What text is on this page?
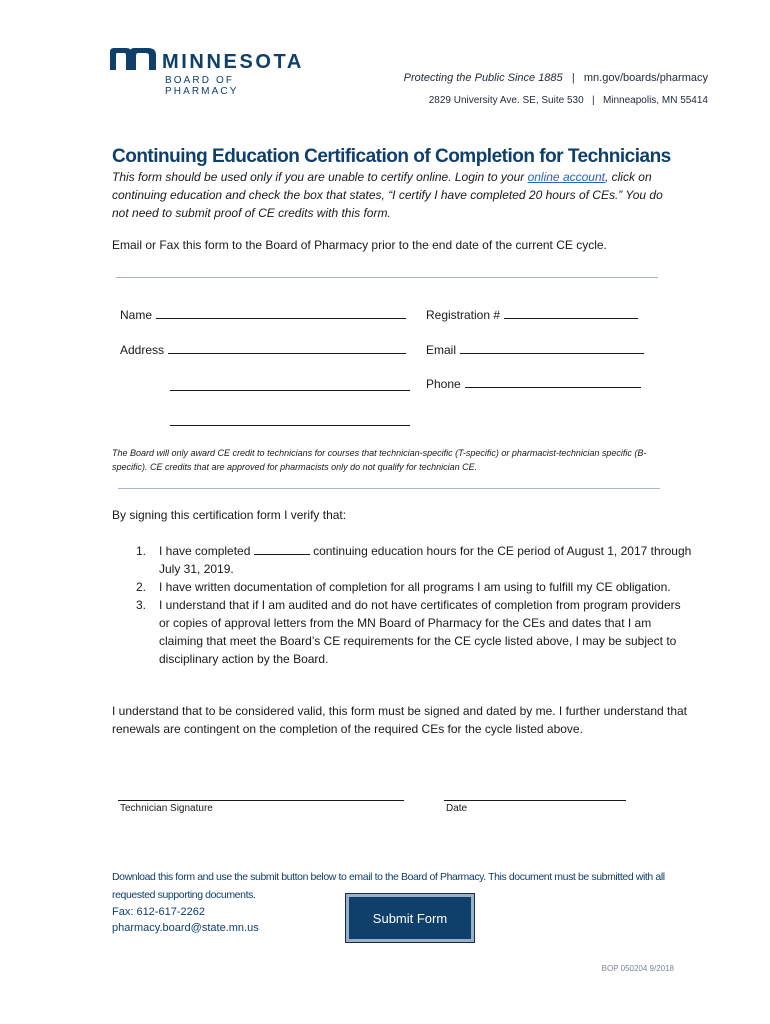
MINNESOTA
BOARD OF PHARMACY
Protecting the Public Since 1885 | mn.gov/boards/pharmacy
2829 University Ave. SE, Suite 530 | Minneapolis, MN 55414
Continuing Education Certification of Completion for Technicians
This form should be used only if you are unable to certify online. Login to your online account, click on continuing education and check the box that states, “I certify I have completed 20 hours of CEs.” You do not need to submit proof of CE credits with this form.
Email or Fax this form to the Board of Pharmacy prior to the end date of the current CE cycle.
Name	Registration #
Address	Email
Phone
The Board will only award CE credit to technicians for courses that technician-specific (T-specific) or pharmacist-technician specific (B-specific). CE credits that are approved for pharmacists only do not qualify for technician CE.
By signing this certification form I verify that:
1. I have completed	continuing education hours for the CE period of August 1, 2017 through July 31, 2019.
2. I have written documentation of completion for all programs I am using to fulfill my CE obligation.
3. I understand that if I am audited and do not have certificates of completion from program providers or copies of approval letters from the MN Board of Pharmacy for the CEs and dates that I am claiming that meet the Board’s CE requirements for the CE cycle listed above, I may be subject to disciplinary action by the Board.
I understand that to be considered valid, this form must be signed and dated by me. I further understand that renewals are contingent on the completion of the required CEs for the cycle listed above.
Technician Signature	Date
Download this form and use the submit button below to email to the Board of Pharmacy. This document must be submitted with all requested supporting documents.
Fax: 612-617-2262
pharmacy.board@state.mn.us
Submit Form
BOP 050204 9/2018
